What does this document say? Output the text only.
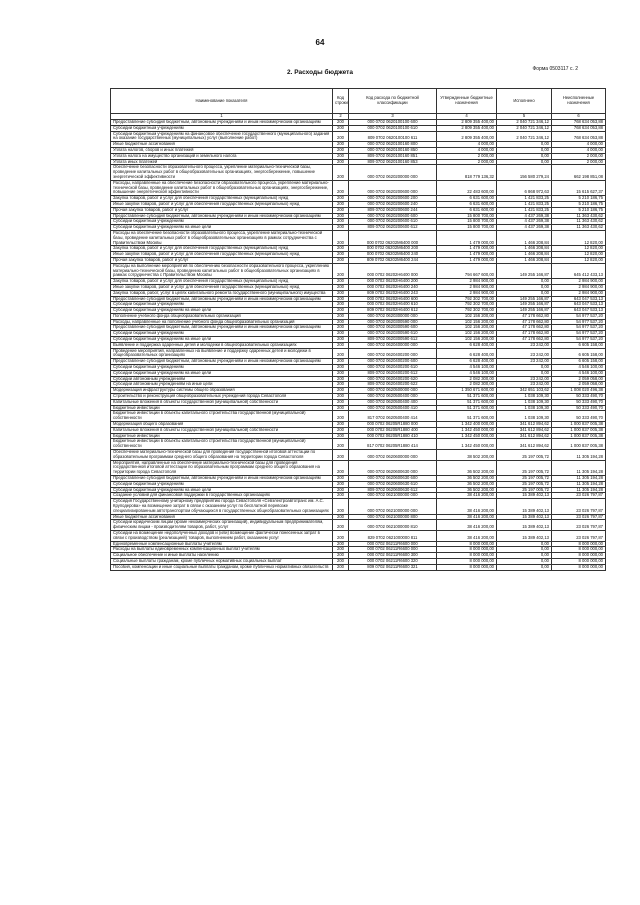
64
Форма 0503117 с. 2
2. Расходы бюджета
Наименование показателя	Код строки	Код расхода по бюджетной классификации	Утвержденные бюджетные назначения	Исполнено	Неисполненные назначения
1	2	3	4	5	6
Предоставление субсидий бюджетным, автономным учреждениям и иным некоммерческим организациям	200	000 0702 0620100100 600	2 809 355 400,00	2 040 721 346,12	768 634 053,88
Субсидии бюджетным учреждениям	200	000 0702 0620100100 610	2 809 355 400,00	2 040 721 346,12	768 634 053,88
Субсидии бюджетным учреждениям на финансовое обеспечение государственного (муниципального) задания на оказание государственных (муниципальных) услуг (выполнение работ)	200	809 0702 0620100100 611	2 809 355 400,00	2 040 721 346,12	768 634 053,88
Иные бюджетные ассигнования	200	000 0702 0620100160 800	4 000,00	0,00	4 000,00
Уплата налогов, сборов и иных платежей	200	000 0702 0620100160 850	4 000,00	0,00	4 000,00
Уплата налога на имущество организаций и земельного налога	200	809 0702 0620100160 851	2 000,00	0,00	2 000,00
Уплата иных платежей	200	809 0702 0620100160 853	2 000,00	0,00	2 000,00
Обеспечение безопасности образовательного процесса, укрепление материально-технической базы, проведение капитальных работ в общеобразовательных организациях, энергосбережение, повышение энергетической эффективности	200	000 0702 0620200000 000	818 779 136,32	156 580 279,24	662 198 851,08
Расходы, направленные на обеспечение безопасности образовательного процесса, укрепление материально-технической базы, проведение капитальных работ в общеобразовательных организациях, энергосбережение, повышение энергетической эффективности	200	000 0702 0620200600 000	22 483 600,00	6 868 972,63	15 615 627,37
Закупка товаров, работ и услуг для обеспечения государственных (муниципальных) нужд	200	000 0702 0620200600 200	6 631 600,00	1 421 833,25	5 210 186,75
Иные закупки товаров, работ и услуг для обеспечения государственных (муниципальных) нужд	200	000 0702 0620200600 240	6 631 600,00	1 421 833,25	5 210 186,75
Прочая закупка товаров, работ и услуг	200	809 0702 0620200600 244	6 631 600,00	1 421 833,25	5 210 186,75
Предоставление субсидий бюджетным, автономным учреждениям и иным некоммерческим организациям	200	000 0702 0620200600 600	15 800 700,00	4 437 269,38	11 363 430,62
Субсидии бюджетным учреждениям	200	000 0702 0620200600 610	15 800 700,00	4 437 269,38	11 363 430,62
Субсидии бюджетным учреждениям на иные цели	200	809 0702 0620200600 612	15 800 700,00	4 437 269,38	11 363 430,62
Расходы на обеспечение безопасности образовательного процесса, укрепление материально-технической базы, проведение капитальных работ в общеобразовательных организациях в рамках сотрудничества с Правительством Москвы	200	000 0702 06202М6400 000	1 479 000,00	1 466 208,84	12 820,00
Закупка товаров, работ и услуг для обеспечения государственных (муниципальных) нужд	200	000 0702 06202М6400 200	1 479 000,00	1 466 208,84	12 820,00
Иные закупки товаров, работ и услуг для обеспечения государственных (муниципальных) нужд	200	000 0702 06202М6400 240	1 479 000,00	1 466 208,84	12 820,00
Прочая закупка товаров, работ и услуг	200	809 0702 06202М6400 244	1 479 000,00	1 466 208,84	12 820,00
Расходы на выполнение мероприятий по обеспечению безопасности образовательного процесса, укреплению материально-технической базы, проведению капитальных работ в общеобразовательных организациях в рамках сотрудничества с Правительством Москвы	200	000 0702 06202Н6400 000	794 667 600,00	149 255 166,87	645 412 433,13
Закупка товаров, работ и услуг для обеспечения государственных (муниципальных) нужд	200	000 0702 06202Н6400 200	2 984 900,00	0,00	2 984 900,00
Иные закупки товаров, работ и услуг для обеспечения государственных (муниципальных) нужд	200	000 0702 06202Н6400 240	2 984 900,00	0,00	2 984 900,00
Закупка товаров, работ, услуг в целях капитального ремонта государственного (муниципального) имущества	200	809 0702 06202Н6400 243	2 984 900,00	0,00	2 984 900,00
Предоставление субсидий бюджетным, автономным учреждениям и иным некоммерческим организациям	200	000 0702 06202Н6400 600	792 302 700,00	149 255 166,87	643 047 533,13
Субсидии бюджетным учреждениям	200	000 0702 06202Н6400 610	792 302 700,00	149 255 166,87	643 047 533,13
Субсидии бюджетным учреждениям на иные цели	200	809 0702 06202Н6400 612	792 302 700,00	149 255 166,87	643 047 533,13
Пополнение учебного фонда общеобразовательных организаций	200	000 0702 0620300000 000	102 156 200,00	47 178 662,80	54 977 537,20
Расходы, направленные на пополнение учебного фонда общеобразовательных организаций	200	000 0702 0620300590 000	102 156 200,00	47 178 662,80	54 977 537,20
Предоставление субсидий бюджетным, автономным учреждениям и иным некоммерческим организациям	200	000 0702 0620300590 600	102 156 200,00	47 178 662,80	54 977 537,20
Субсидии бюджетным учреждениям	200	000 0702 0620300590 610	102 156 200,00	47 178 662,80	54 977 537,20
Субсидии бюджетным учреждениям на иные цели	200	809 0702 0620300590 612	102 156 200,00	47 178 662,80	54 977 537,20
Выявление и поддержка одаренных детей и молодежи в общеобразовательных организациях	200	000 0702 0620400000 000	6 628 400,00	23 242,00	6 605 158,00
Проведение мероприятий, направленных на выявление и поддержку одаренных детей и молодежи в общеобразовательных организациях	200	000 0702 0620400200 000	6 628 400,00	23 242,00	6 605 158,00
Предоставление субсидий бюджетным, автономным учреждениям и иным некоммерческим организациям	200	000 0702 0620400200 600	6 628 400,00	23 242,00	6 605 158,00
Субсидии бюджетным учреждениям	200	000 0702 0620400200 610	4 546 100,00	0,00	4 546 100,00
Субсидии бюджетным учреждениям на иные цели	200	809 0702 0620400200 612	4 546 100,00	0,00	4 546 100,00
Субсидии автономным учреждениям	200	000 0702 0620400200 620	2 082 300,00	23 242,00	2 059 058,00
Субсидии автономным учреждениям на иные цели	200	809 0702 0620400200 622	2 082 300,00	23 242,00	2 059 058,00
Модернизация инфраструктуры системы общего образования	200	000 0702 0620500000 000	1 350 671 600,00	342 651 103,62	1 008 020 496,38
Строительство и реконструкция общеобразовательных учреждений города Севастополя	200	000 0702 0620500400 000	51 371 600,00	1 038 109,30	50 333 490,70
Капитальные вложения в объекты государственной (муниципальной) собственности	200	000 0702 0620500400 400	51 371 600,00	1 038 109,30	50 333 490,70
Бюджетные инвестиции	200	000 0702 0620500400 410	51 371 600,00	1 038 109,30	50 333 490,70
Бюджетные инвестиции в объекты капитального строительства государственной (муниципальной) собственности	200	817 0702 0620500400 414	51 371 600,00	1 038 109,30	50 333 490,70
Модернизация общего образования	200	000 0702 06205R1880 000	1 342 400 000,00	341 612 894,62	1 000 837 005,38
Капитальные вложения в объекты государственной (муниципальной) собственности	200	000 0702 06205R1880 400	1 342 450 000,00	341 612 894,62	1 000 837 005,38
Бюджетные инвестиции	200	000 0702 06205R1880 410	1 342 450 000,00	341 612 894,62	1 000 837 005,38
Бюджетные инвестиции в объекты капитального строительства государственной (муниципальной) собственности	200	817 0702 06205R1880 414	1 342 450 000,00	341 612 894,62	1 000 837 005,38
Обеспечение материально-технической базы для проведения государственной итоговой аттестации по образовательным программам среднего общего образования на территории города Севастополя	200	000 0702 0620600000 000	38 502 200,00	25 197 005,72	11 305 194,28
Мероприятия, направленные на обеспечение материально-технической базы для проведения государственной итоговой аттестации по образовательным программам среднего общего образования на территории города Севастополя	200	000 0702 0620600630 000	36 502 200,00	25 197 005,72	11 305 194,28
Предоставление субсидий бюджетным, автономным учреждениям и иным некоммерческим организациям	200	000 0702 0620600630 600	36 502 200,00	25 197 005,72	11 305 194,28
Субсидии бюджетным учреждениям	200	000 0702 0620600630 610	36 502 200,00	25 197 005,72	11 305 194,28
Субсидии бюджетным учреждениям на иные цели	200	809 0702 0620600630 612	36 502 200,00	25 197 005,72	11 305 194,28
Создание условий для финансовой поддержки в государственных организациях	200	000 0702 0621000000 000	38 416 200,00	15 389 402,13	23 026 797,87
Субсидия Государственному унитарному предприятию города Севастополя «Севэлектроавтотранс им. А.С. Круподерова» на возмещение затрат в связи с оказанием услуг по бесплатной перевозке специализированным автотранспортом обучающихся в государственных общеобразовательных организациях	200	000 0702 0621000000 000	38 416 200,00	15 389 402,13	23 026 797,87
Иные бюджетные ассигнования	200	000 0702 0621000000 800	38 416 200,00	15 389 402,13	23 026 797,87
Субсидии юридическим лицам (кроме некоммерческих организаций), индивидуальным предпринимателям, физическим лицам - производителям товаров, работ, услуг	200	000 0702 0621000000 810	38 416 200,00	15 389 402,13	23 026 797,87
Субсидии на возмещение недополученных доходов и (или) возмещение фактически понесенных затрат в связи с производством (реализацией) товаров, выполнением работ, оказанием услуг	200	829 0702 0621000000 811	38 416 200,00	15 389 402,13	23 026 797,87
Единовременные компенсационные выплаты учителям	200	000 0702 06211R6600 000	8 000 000,00	0,00	8 000 000,00
Расходы на выплаты единовременных компенсационных выплат учителям	200	000 0702 06211R6600 000	8 000 000,00	0,00	8 000 000,00
Социальное обеспечение и иные выплаты населению	200	000 0702 06211R6600 300	8 000 000,00	0,00	8 000 000,00
Социальные выплаты гражданам, кроме публичных нормативных социальных выплат	200	000 0702 06211R6600 320	8 000 000,00	0,00	8 000 000,00
Пособия, компенсации и иные социальные выплаты гражданам, кроме публичных нормативных обязательств	200	809 0702 06211R6600 321	8 000 000,00	0,00	8 000 000,00
